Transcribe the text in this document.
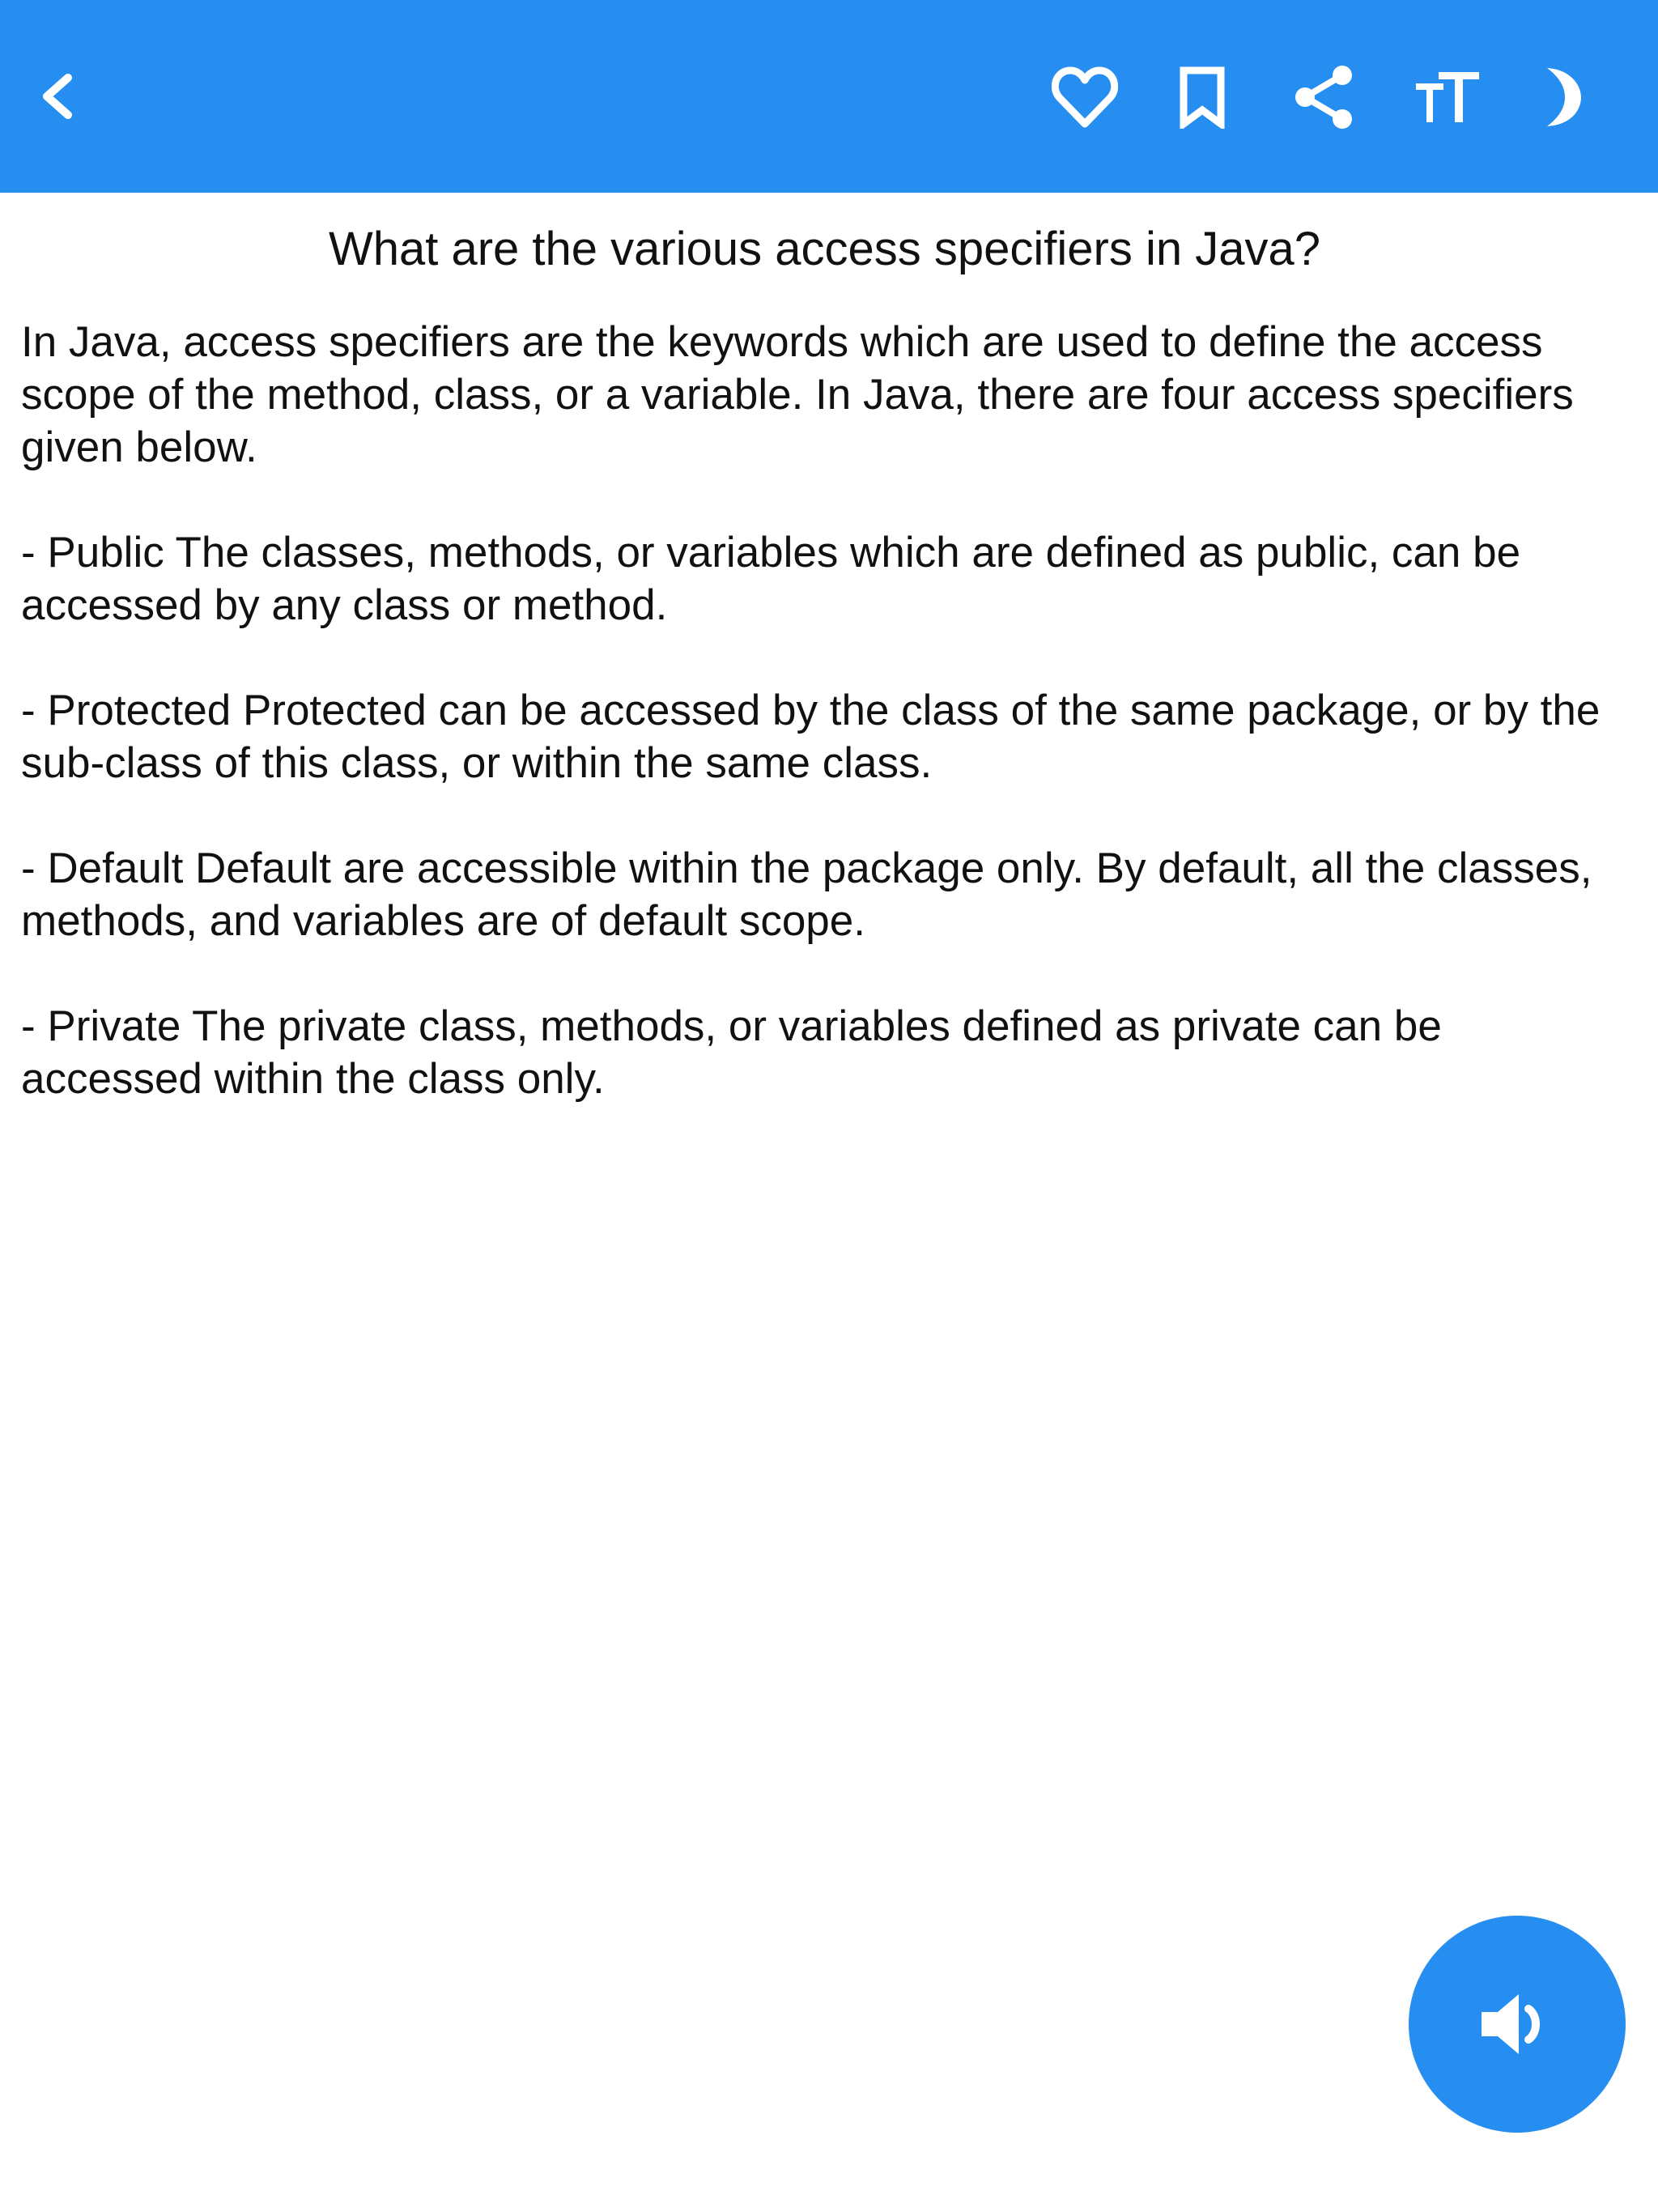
What are the various access specifiers in Java?

In Java, access specifiers are the keywords which are used to define the access scope of the method, class, or a variable. In Java, there are four access specifiers given below.

- Public The classes, methods, or variables which are defined as public, can be accessed by any class or method.

- Protected Protected can be accessed by the class of the same package, or by the sub-class of this class, or within the same class.

- Default Default are accessible within the package only. By default, all the classes, methods, and variables are of default scope.

- Private The private class, methods, or variables defined as private can be accessed within the class only.
